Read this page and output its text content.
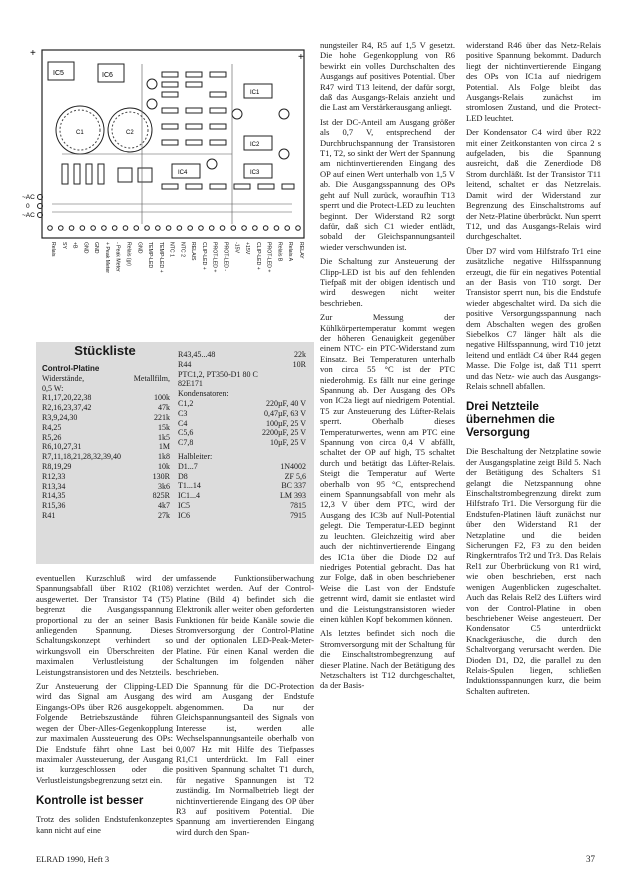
+	+
IC5	IC6
C1	C2
IC1
IC2
IC3
IC4
~AC
0
~AC
Relais SY +B GND GND + Peak Meter - Peak Meter Relais (gr) GND TEMP-LED TEMP-LED + NTC 1 NTC 2 RELAIS CLIP-LED + PROT-LED + PROT-LED - -15V +15V CLIP-LED + PROT-LED + Relais B Relais A RELAY
Stückliste
Control-Platine
Widerstände,	Metallfilm,
0,5 W:
R1,17,20,22,38	100k
R2,16,23,37,42	47k
R3,9,24,30	221k
R4,25	15k
R5,26	1k5
R6,10,27,31	1M
R7,11,18,21,28,32,39,40	1k8
R8,19,29	10k
R12,33	130R
R13,34	3k6
R14,35	825R
R15,36	4k7
R41	27k
R43,45...48	22k
R44	10R
PTC1,2, PT350-D1 80 C
82E171
Kondensatoren:
C1,2	220µF, 40 V
C3	0,47µF, 63 V
C4	100µF, 25 V
C5,6	2200µF, 25 V
C7,8	10µF, 25 V
Halbleiter:
D1...7	1N4002
D8	ZF 5,6
T1...14	BC 337
IC1...4	LM 393
IC5	7815
IC6	7915

eventuellen Kurzschluß wird der Spannungsabfall über R102 (R108) ausgewertet. Der Transistor T4 (T5) begrenzt die Ausgangsspannung proportional zu der an seiner Basis anliegenden Spannung. Dieses Schaltungskonzept verhindert so wirkungsvoll ein Überschreiten der maximalen Verlustleistung der Leistungstransistoren und des Netzteils.

Zur Ansteuerung der Clipping-LED wird das Signal am Ausgang des Eingangs-OPs über R26 ausgekoppelt. Folgende Betriebszustände führen wegen der Über-Alles-Gegenkopplung zur maximalen Aussteuerung des OPs: Die Endstufe fährt ohne Last bei maximaler Aussteuerung, der Ausgang ist kurzgeschlossen oder die Verlustleistungsbegrenzung setzt ein.

Kontrolle ist besser

Trotz des soliden Endstufenkonzeptes kann nicht auf eine

umfassende Funktionsüberwachung verzichtet werden. Auf der Control-Platine (Bild 4) befindet sich die Elektronik aller weiter oben geforderten Funktionen für beide Kanäle sowie die Stromversorgung der Control-Platine und der optionalen LED-Peak-Meter-Platine. Für einen Kanal werden die Schaltungen im folgenden näher beschrieben.

Die Spannung für die DC-Protection wird am Ausgang der Endstufe abgenommen. Da nur der Gleichspannungsanteil des Signals von Interesse ist, werden alle Wechselspannungsanteile oberhalb von 0,007 Hz mit Hilfe des Tiefpasses R1,C1 unterdrückt. Im Fall einer positiven Spannung schaltet T1 durch, für negative Spannungen ist T2 zuständig. Im Normalbetrieb liegt der nichtinvertierende Eingang des OP über R3 auf positivem Potential. Die Spannung am invertierenden Eingang wird durch den Span-

nungsteiler R4, R5 auf 1,5 V gesetzt. Die hohe Gegenkopplung von R6 bewirkt ein volles Durchschalten des Ausgangs auf positives Potential. Über R47 wird T13 leitend, der dafür sorgt, daß das Ausgangs-Relais anzieht und die Last am Verstärkerausgang anliegt.

Ist der DC-Anteil am Ausgang größer als 0,7 V, entsprechend der Durchbruchspannung der Transistoren T1, T2, so sinkt der Wert der Spannung am nichtinvertierenden Eingang des OP auf einen Wert unterhalb von 1,5 V ab. Die Ausgangsspannung des OPs geht auf Null zurück, woraufhin T13 sperrt und die Protect-LED zu leuchten beginnt. Der Widerstand R2 sorgt dafür, daß sich C1 wieder entlädt, sobald der Gleichspannungsanteil wieder verschwunden ist.

Die Schaltung zur Ansteuerung der Clipp-LED ist bis auf den fehlenden Tiefpaß mit der obigen identisch und wird deswegen nicht weiter beschrieben.

Zur Messung der Kühlkörpertemperatur kommt wegen der höheren Genauigkeit gegenüber einem NTC- ein PTC-Widerstand zum Einsatz. Bei Temperaturen unterhalb von circa 55 °C ist der PTC niederohmig. Es fällt nur eine geringe Spannung ab. Der Ausgang des OPs von IC2a liegt auf niedrigem Potential. T5 zur Ansteuerung des Lüfter-Relais sperrt. Oberhalb dieses Temperaturwertes, wenn am PTC eine Spannung von circa 0,4 V abfällt, schaltet der OP auf high, T5 schaltet durch und betätigt das Lüfter-Relais. Steigt die Temperatur auf Werte oberhalb von 95 °C, entsprechend einem Spannungsabfall von mehr als 12,3 V über dem PTC, wird der Ausgang des IC3b auf Null-Potential gelegt. Die Temperatur-LED beginnt zu leuchten. Gleichzeitig wird aber auch der nichtinvertierende Eingang des IC1a über die Diode D2 auf niedriges Potential gebracht. Das hat zur Folge, daß in oben beschriebener Weise die Last von der Endstufe getrennt wird, damit sie entlastet wird und die Leistungstransistoren wieder einen kühlen Kopf bekommen können.

Als letztes befindet sich noch die Stromversorgung mit der Schaltung für die Einschaltstrombegrenzung auf dieser Platine. Nach der Betätigung des Netzschalters ist T12 durchgeschaltet, da der Basis-

widerstand R46 über das Netz-Relais positive Spannung bekommt. Dadurch liegt der nichtinvertierende Eingang des OPs von IC1a auf niedrigem Potential. Als Folge bleibt das Ausgangs-Relais zunächst im stromlosen Zustand, und die Protect-LED leuchtet.

Der Kondensator C4 wird über R22 mit einer Zeitkonstanten von circa 2 s aufgeladen, bis die Spannung ausreicht, daß die Zenerdiode D8 Strom durchläßt. Ist der Transistor T11 leitend, schaltet er das Netzrelais. Damit wird der Widerstand zur Begrenzung des Einschaltstroms auf der Netz-Platine überbrückt. Nun sperrt T12, und das Ausgangs-Relais wird durchgeschaltet.

Über D7 wird vom Hilfstrafo Tr1 eine zusätzliche negative Hilfsspannung erzeugt, die für ein negatives Potential an der Basis von T10 sorgt. Der Transistor sperrt nun, bis die Endstufe wieder abgeschaltet wird. Da sich die positive Versorgungsspannung nach dem Abschalten wegen des großen Siebelkos C7 länger hält als die negative Hilfsspannung, wird T10 jetzt leitend und entlädt C4 über R44 gegen Masse. Die Folge ist, daß T11 sperrt und das Netz- wie auch das Ausgangs-Relais schnell abfallen.

Drei Netzteile übernehmen die Versorgung

Die Beschaltung der Netzplatine sowie der Ausgangsplatine zeigt Bild 5. Nach der Betätigung des Schalters S1 gelangt die Netzspannung ohne Einschaltstrombegrenzung direkt zum Hilfstrafo Tr1. Die Versorgung für die Endstufen-Platinen läuft zunächst nur über den Widerstand R1 der Netzplatine und die beiden Sicherungen F2, F3 zu den beiden Ringkerntrafos Tr2 und Tr3. Das Relais Rel1 zur Überbrückung von R1 wird, wie oben beschrieben, erst nach wenigen Augenblicken zugeschaltet. Auch das Relais Rel2 des Lüfters wird von der Control-Platine in oben beschriebener Weise angesteuert. Der Kondensator C5 unterdrückt Knackgeräusche, die durch den Schaltvorgang verursacht werden. Die Dioden D1, D2, die parallel zu den Relais-Spulen liegen, schließen Induktionsspannungen kurz, die beim Schalten auftreten.

ELRAD 1990, Heft 3	37
